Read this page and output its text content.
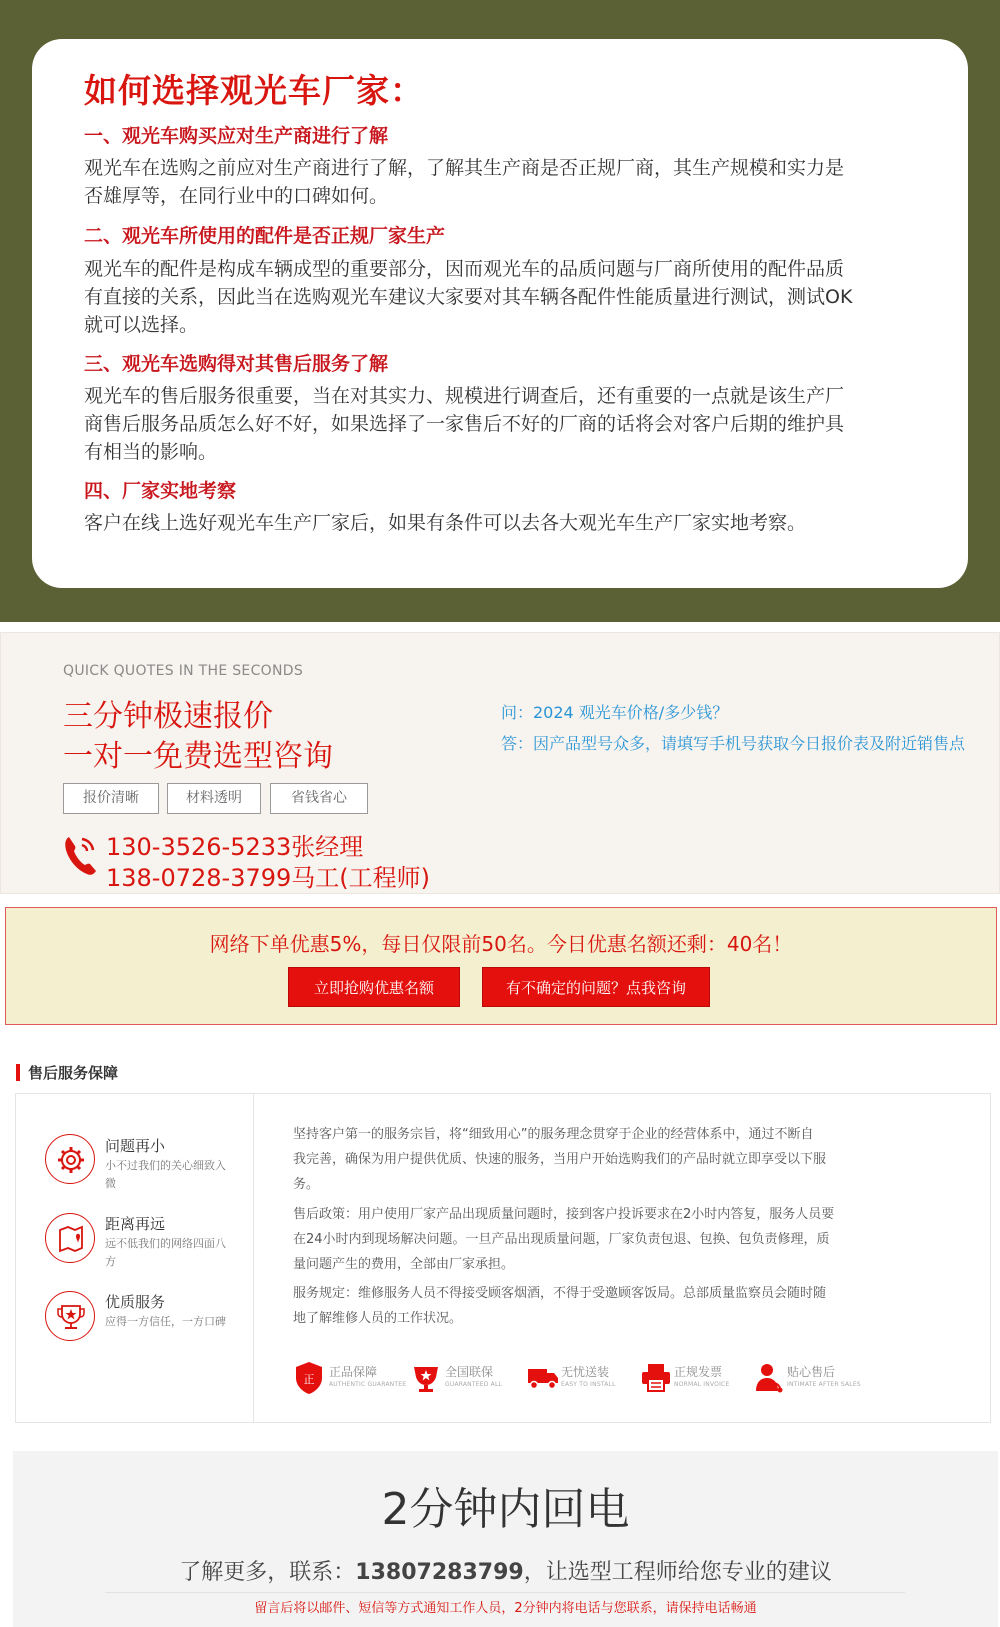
如何选择观光车厂家：
一、观光车购买应对生产商进行了解
观光车在选购之前应对生产商进行了解，了解其生产商是否正规厂商，其生产规模和实力是
否雄厚等，在同行业中的口碑如何。
二、观光车所使用的配件是否正规厂家生产
观光车的配件是构成车辆成型的重要部分，因而观光车的品质问题与厂商所使用的配件品质
有直接的关系，因此当在选购观光车建议大家要对其车辆各配件性能质量进行测试，测试OK
就可以选择。
三、观光车选购得对其售后服务了解
观光车的售后服务很重要，当在对其实力、规模进行调查后，还有重要的一点就是该生产厂
商售后服务品质怎么好不好，如果选择了一家售后不好的厂商的话将会对客户后期的维护具
有相当的影响。
四、厂家实地考察
客户在线上选好观光车生产厂家后，如果有条件可以去各大观光车生产厂家实地考察。
QUICK QUOTES IN THE SECONDS
三分钟极速报价
一对一免费选型咨询
报价清晰	材料透明	省钱省心
130-3526-5233张经理
138-0728-3799马工(工程师)
问：2024 观光车价格/多少钱？
答：因产品型号众多，请填写手机号获取今日报价表及附近销售点
网络下单优惠5%，每日仅限前50名。今日优惠名额还剩：40名！
立即抢购优惠名额	有不确定的问题？点我咨询
售后服务保障
问题再小
小不过我们的关心细致入微
距离再远
远不低我们的网络四面八方
优质服务
应得一方信任，一方口碑
坚持客户第一的服务宗旨，将“细致用心”的服务理念贯穿于企业的经营体系中，通过不断自
我完善，确保为用户提供优质、快速的服务，当用户开始选购我们的产品时就立即享受以下服
务。
售后政策：用户使用厂家产品出现质量问题时，接到客户投诉要求在2小时内答复，服务人员要
在24小时内到现场解决问题。一旦产品出现质量问题，厂家负责包退、包换、包负责修理，质
量问题产生的费用，全部由厂家承担。
服务规定：维修服务人员不得接受顾客烟酒，不得于受邀顾客饭局。总部质量监察员会随时随
地了解维修人员的工作状况。
正
正品保障
AUTHENTIC GUARANTEE
全国联保
GUARANTEED ALL
无忧送装
EASY TO INSTALL
正规发票
NORMAL INVOICE
贴心售后
INTIMATE AFTER SALES
2分钟内回电
了解更多，联系：13807283799，让选型工程师给您专业的建议
留言后将以邮件、短信等方式通知工作人员，2分钟内将电话与您联系，请保持电话畅通
